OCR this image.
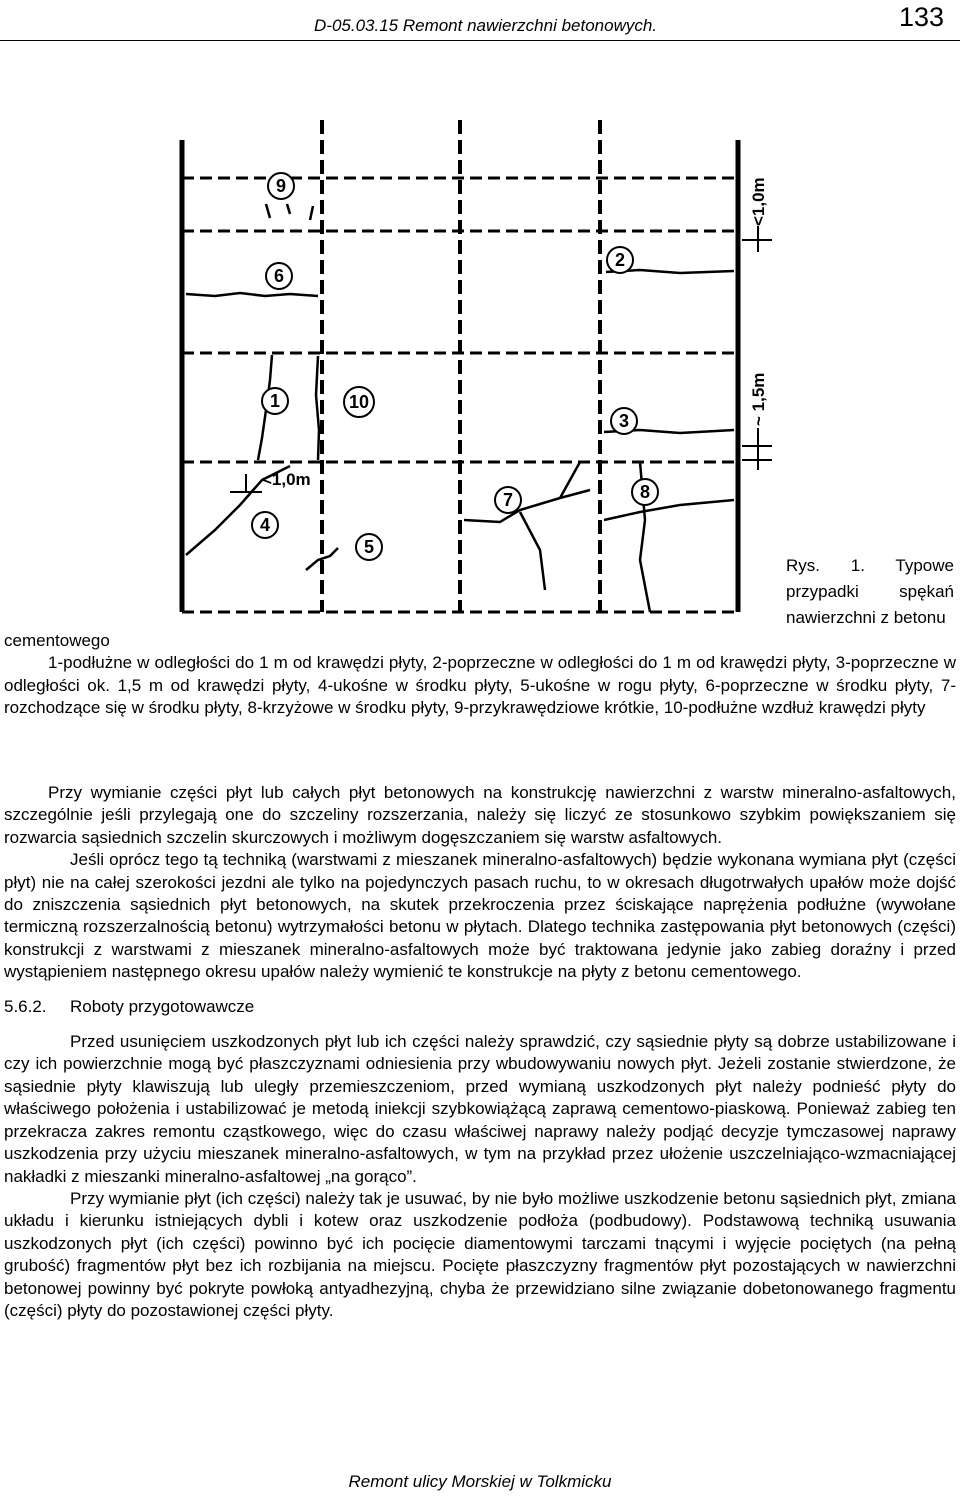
D-05.03.15 Remont nawierzchni betonowych.	133
9
6
2
1	10
3
4
5
7	8
<1,0m
<1,0m
~ 1,5m
Rys. 1. Typowe przypadki spękań nawierzchni z betonu

cementowego

1-podłużne w odległości do 1 m od krawędzi płyty, 2-poprzeczne w odległości do 1 m od krawędzi płyty, 3-poprzeczne w odległości ok. 1,5 m od krawędzi płyty, 4-ukośne w środku płyty, 5-ukośne w rogu płyty, 6-poprzeczne w środku płyty, 7-rozchodzące się w środku płyty, 8-krzyżowe w środku płyty, 9-przykrawędziowe krótkie, 10-podłużne wzdłuż krawędzi płyty

Przy wymianie części płyt lub całych płyt betonowych na konstrukcję nawierzchni z warstw mineralno-asfaltowych, szczególnie jeśli przylegają one do szczeliny rozszerzania, należy się liczyć ze stosunkowo szybkim powiększaniem się rozwarcia sąsiednich szczelin skurczowych i możliwym dogęszczaniem się warstw asfaltowych.

Jeśli oprócz tego tą techniką (warstwami z mieszanek mineralno-asfaltowych) będzie wykonana wymiana płyt (części płyt) nie na całej szerokości jezdni ale tylko na pojedynczych pasach ruchu, to w okresach długotrwałych upałów może dojść do zniszczenia sąsiednich płyt betonowych, na skutek przekroczenia przez ściskające naprężenia podłużne (wywołane termiczną rozszerzalnością betonu) wytrzymałości betonu w płytach. Dlatego technika zastępowania płyt betonowych (części) konstrukcji z warstwami z mieszanek mineralno-asfaltowych może być traktowana jedynie jako zabieg doraźny i przed wystąpieniem następnego okresu upałów należy wymienić te konstrukcje na płyty z betonu cementowego.

5.6.2. Roboty przygotowawcze

Przed usunięciem uszkodzonych płyt lub ich części należy sprawdzić, czy sąsiednie płyty są dobrze ustabilizowane i czy ich powierzchnie mogą być płaszczyznami odniesienia przy wbudowywaniu nowych płyt. Jeżeli zostanie stwierdzone, że sąsiednie płyty klawiszują lub uległy przemieszczeniom, przed wymianą uszkodzonych płyt należy podnieść płyty do właściwego położenia i ustabilizować je metodą iniekcji szybkowiążącą zaprawą cementowo-piaskową. Ponieważ zabieg ten przekracza zakres remontu cząstkowego, więc do czasu właściwej naprawy należy podjąć decyzje tymczasowej naprawy uszkodzenia przy użyciu mieszanek mineralno-asfaltowych, w tym na przykład przez ułożenie uszczelniająco-wzmacniającej nakładki z mieszanki mineralno-asfaltowej „na gorąco”.

Przy wymianie płyt (ich części) należy tak je usuwać, by nie było możliwe uszkodzenie betonu sąsiednich płyt, zmiana układu i kierunku istniejących dybli i kotew oraz uszkodzenie podłoża (podbudowy). Podstawową techniką usuwania uszkodzonych płyt (ich części) powinno być ich pocięcie diamentowymi tarczami tnącymi i wyjęcie pociętych (na pełną grubość) fragmentów płyt bez ich rozbijania na miejscu. Pocięte płaszczyzny fragmentów płyt pozostających w nawierzchni betonowej powinny być pokryte powłoką antyadhezyjną, chyba że przewidziano silne związanie dobetonowanego fragmentu (części) płyty do pozostawionej części płyty.

Remont ulicy Morskiej w Tolkmicku
